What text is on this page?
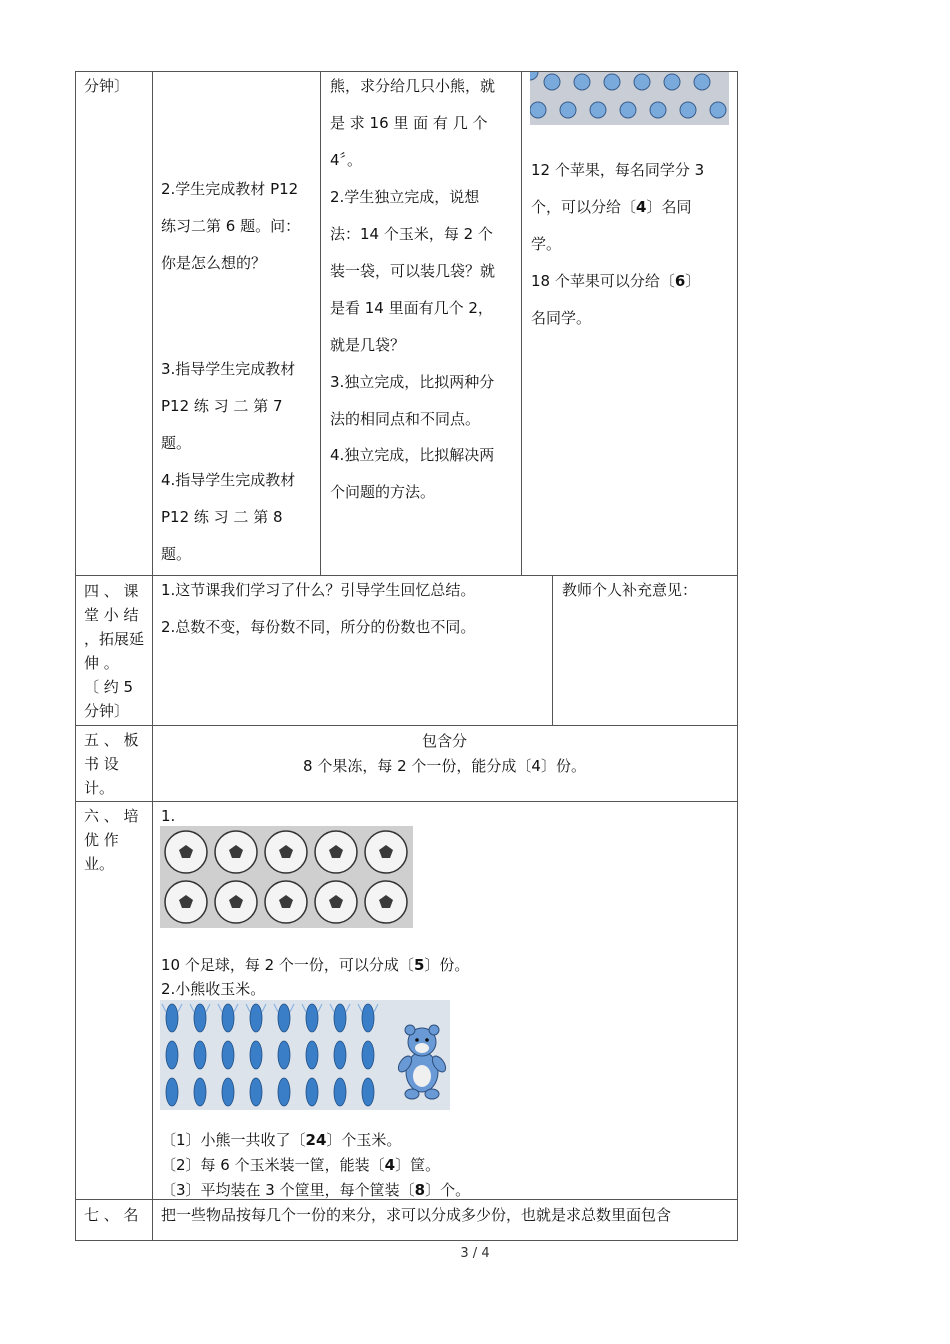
分钟〕
2.学生完成教材 P12
练习二第 6 题。问：
你是怎么想的？
3.指导学生完成教材
P12 练 习 二 第 7
题。
4.指导学生完成教材
P12 练 习 二 第 8
题。
熊，求分给几只小熊，就
是 求 16 里 面 有 几 个
4〞。
2.学生独立完成，说想
法：14 个玉米，每 2 个
装一袋，可以装几袋？就
是看 14 里面有几个 2，
就是几袋？
3.独立完成，比拟两种分
法的相同点和不同点。
4.独立完成，比拟解决两
个问题的方法。
12 个苹果，每名同学分 3
个，可以分给〔4〕名同
学。
18 个苹果可以分给〔6〕
名同学。
四 、 课
堂 小 结
，拓展延
伸 。
〔 约 5
分钟〕
1.这节课我们学习了什么？引导学生回忆总结。
2.总数不变，每份数不同，所分的份数也不同。
教师个人补充意见：
五 、 板
书 设
计。
包含分
8 个果冻，每 2 个一份，能分成〔4〕份。
六 、 培
优 作
业。
1.
10 个足球，每 2 个一份，可以分成〔5〕份。
2.小熊收玉米。
〔1〕小熊一共收了〔24〕个玉米。
〔2〕每 6 个玉米装一筐，能装〔4〕筐。
〔3〕平均装在 3 个筐里，每个筐装〔8〕个。
七 、 名 把一些物品按每几个一份的来分，求可以分成多少份，也就是求总数里面包含
3 / 4
